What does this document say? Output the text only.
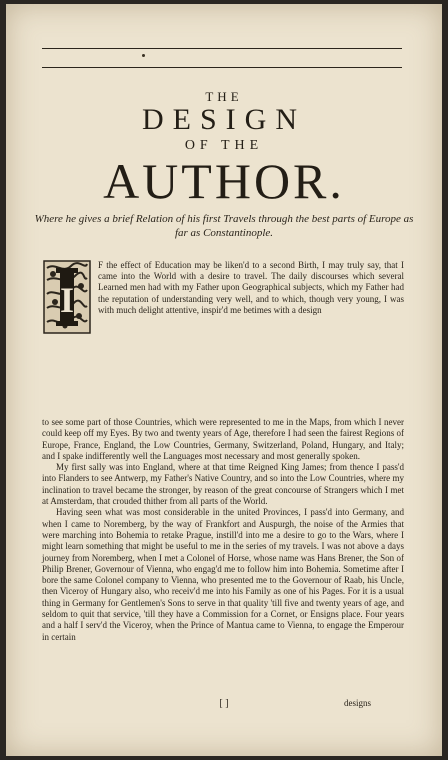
THE
DESIGN
OF THE
AUTHOR.
Where he gives a brief Relation of his first Travels through the best parts of Europe as far as Constantinople.
I

F the effect of Education may be liken'd to a second Birth, I may truly say, that I came into the World with a desire to travel. The daily discourses which several Learned men had with my Father upon Geographical subjects, which my Father had the reputation of understanding very well, and to which, though very young, I was with much delight attentive, inspir'd me betimes with a design

to see some part of those Countries, which were represented to me in the Maps, from which I never could keep off my Eyes. By two and twenty years of Age, therefore I had seen the fairest Regions of Europe, France, England, the Low Countries, Germany, Switzerland, Poland, Hungary, and Italy; and I spake indifferently well the Languages most necessary and most generally spoken.

My first sally was into England, where at that time Reigned King James; from thence I pass'd into Flanders to see Antwerp, my Father's Native Country, and so into the Low Countries, where my inclination to travel became the stronger, by reason of the great concourse of Strangers which I met at Amsterdam, that crouded thither from all parts of the World.

Having seen what was most considerable in the united Provinces, I pass'd into Germany, and when I came to Noremberg, by the way of Frankfort and Auspurgh, the noise of the Armies that were marching into Bohemia to retake Prague, instill'd into me a desire to go to the Wars, where I might learn something that might be useful to me in the series of my travels. I was not above a days journey from Noremberg, when I met a Colonel of Horse, whose name was Hans Brener, the Son of Philip Brener, Governour of Vienna, who engag'd me to follow him into Bohemia. Sometime after I bore the same Colonel company to Vienna, who presented me to the Governour of Raab, his Uncle, then Viceroy of Hungary also, who receiv'd me into his Family as one of his Pages. For it is a usual thing in Germany for Gentlemen's Sons to serve in that quality 'till five and twenty years of age, and seldom to quit that service, 'till they have a Commission for a Cornet, or Ensigns place. Four years and a half I serv'd the Viceroy, when the Prince of Mantua came to Vienna, to engage the Emperour in certain

[ ]	designs
